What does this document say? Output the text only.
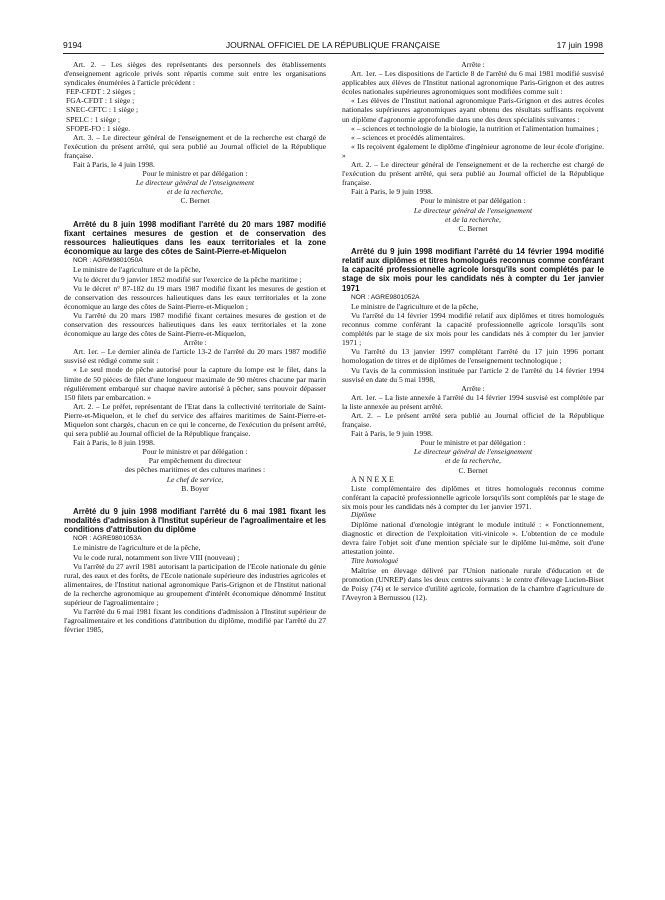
9194	JOURNAL OFFICIEL DE LA RÉPUBLIQUE FRANÇAISE	17 juin 1998

Art. 2. – Les sièges des représentants des personnels des établissements d'enseignement agricole privés sont répartis comme suit entre les organisations syndicales énumérées à l'article précédent :

FEP-CFDT : 2 sièges ;

FGA-CFDT : 1 siège ;

SNEC-CFTC : 1 siège ;

SPELC : 1 siège ;

SFOPE-FO : 1 siège.

Art. 3. – Le directeur général de l'enseignement et de la recherche est chargé de l'exécution du présent arrêté, qui sera publié au Journal officiel de la République française.

Fait à Paris, le 4 juin 1998.

Pour le ministre et par délégation :

Le directeur général de l'enseignement

et de la recherche,

C. Bernet

Arrêté du 8 juin 1998 modifiant l'arrêté du 20 mars 1987 modifié fixant certaines mesures de gestion et de conservation des ressources halieutiques dans les eaux territoriales et la zone économique au large des côtes de Saint-Pierre-et-Miquelon

NOR : AGRM9801050A

Le ministre de l'agriculture et de la pêche,

Vu le décret du 9 janvier 1852 modifié sur l'exercice de la pêche maritime ;

Vu le décret n° 87-182 du 19 mars 1987 modifié fixant les mesures de gestion et de conservation des ressources halieutiques dans les eaux territoriales et la zone économique au large des côtes de Saint-Pierre-et-Miquelon ;

Vu l'arrêté du 20 mars 1987 modifié fixant certaines mesures de gestion et de conservation des ressources halieutiques dans les eaux territoriales et la zone économique au large des côtes de Saint-Pierre-et-Miquelon,

Arrête :

Art. 1er. – Le dernier alinéa de l'article 13-2 de l'arrêté du 20 mars 1987 modifié susvisé est rédigé comme suit :

« Le seul mode de pêche autorisé pour la capture du lompe est le filet, dans la limite de 50 pièces de filet d'une longueur maximale de 90 mètres chacune par marin régulièrement embarqué sur chaque navire autorisé à pêcher, sans pouvoir dépasser 150 filets par embarcation. »

Art. 2. – Le préfet, représentant de l'Etat dans la collectivité territoriale de Saint-Pierre-et-Miquelon, et le chef du service des affaires maritimes de Saint-Pierre-et-Miquelon sont chargés, chacun en ce qui le concerne, de l'exécution du présent arrêté, qui sera publié au Journal officiel de la République française.

Fait à Paris, le 8 juin 1998.

Pour le ministre et par délégation :

Par empêchement du directeur

des pêches maritimes et des cultures marines :

Le chef de service,

B. Boyer

Arrêté du 9 juin 1998 modifiant l'arrêté du 6 mai 1981 fixant les modalités d'admission à l'Institut supérieur de l'agroalimentaire et les conditions d'attribution du diplôme

NOR : AGRE9801053A

Le ministre de l'agriculture et de la pêche,

Vu le code rural, notamment son livre VIII (nouveau) ;

Vu l'arrêté du 27 avril 1981 autorisant la participation de l'Ecole nationale du génie rural, des eaux et des forêts, de l'Ecole nationale supérieure des industries agricoles et alimentaires, de l'Institut national agronomique Paris-Grignon et de l'Institut national de la recherche agronomique au groupement d'intérêt économique dénommé Institut supérieur de l'agroalimentaire ;

Vu l'arrêté du 6 mai 1981 fixant les conditions d'admission à l'Institut supérieur de l'agroalimentaire et les conditions d'attribution du diplôme, modifié par l'arrêté du 27 février 1985,

Arrête :

Art. 1er. – Les dispositions de l'article 8 de l'arrêté du 6 mai 1981 modifié susvisé applicables aux élèves de l'Institut national agronomique Paris-Grignon et des autres écoles nationales supérieures agronomiques sont modifiées comme suit :

« Les élèves de l'Institut national agronomique Paris-Grignon et des autres écoles nationales supérieures agronomiques ayant obtenu des résultats suffisants reçoivent un diplôme d'agronomie approfondie dans une des deux spécialités suivantes :

« – sciences et technologie de la biologie, la nutrition et l'alimentation humaines ;

« – sciences et procédés alimentaires.

« Ils reçoivent également le diplôme d'ingénieur agronome de leur école d'origine. »

Art. 2. – Le directeur général de l'enseignement et de la recherche est chargé de l'exécution du présent arrêté, qui sera publié au Journal officiel de la République française.

Fait à Paris, le 9 juin 1998.

Pour le ministre et par délégation :

Le directeur général de l'enseignement

et de la recherche,

C. Bernet

Arrêté du 9 juin 1998 modifiant l'arrêté du 14 février 1994 modifié relatif aux diplômes et titres homologués reconnus comme conférant la capacité professionnelle agricole lorsqu'ils sont complétés par le stage de six mois pour les candidats nés à compter du 1er janvier 1971

NOR : AGRE9801052A

Le ministre de l'agriculture et de la pêche,

Vu l'arrêté du 14 février 1994 modifié relatif aux diplômes et titres homologués reconnus comme conférant la capacité professionnelle agricole lorsqu'ils sont complétés par le stage de six mois pour les candidats nés à compter du 1er janvier 1971 ;

Vu l'arrêté du 13 janvier 1997 complétant l'arrêté du 17 juin 1996 portant homologation de titres et de diplômes de l'enseignement technologique ;

Vu l'avis de la commission instituée par l'article 2 de l'arrêté du 14 février 1994 susvisé en date du 5 mai 1998,

Arrête :

Art. 1er. – La liste annexée à l'arrêté du 14 février 1994 susvisé est complétée par la liste annexée au présent arrêté.

Art. 2. – Le présent arrêté sera publié au Journal officiel de la République française.

Fait à Paris, le 9 juin 1998.

Pour le ministre et par délégation :

Le directeur général de l'enseignement

et de la recherche,

C. Bernet

ANNEXE

Liste complémentaire des diplômes et titres homologués reconnus comme conférant la capacité professionnelle agricole lorsqu'ils sont complétés par le stage de six mois pour les candidats nés à compter du 1er janvier 1971.

Diplôme

Diplôme national d'œnologie intégrant le module intitulé : « Fonctionnement, diagnostic et direction de l'exploitation viti-vinicole ». L'obtention de ce module devra faire l'objet soit d'une mention spéciale sur le diplôme lui-même, soit d'une attestation jointe.

Titre homologué

Maîtrise en élevage délivré par l'Union nationale rurale d'éducation et de promotion (UNREP) dans les deux centres suivants : le centre d'élevage Lucien-Biset de Poisy (74) et le service d'utilité agricole, formation de la chambre d'agriculture de l'Aveyron à Bernussou (12).
